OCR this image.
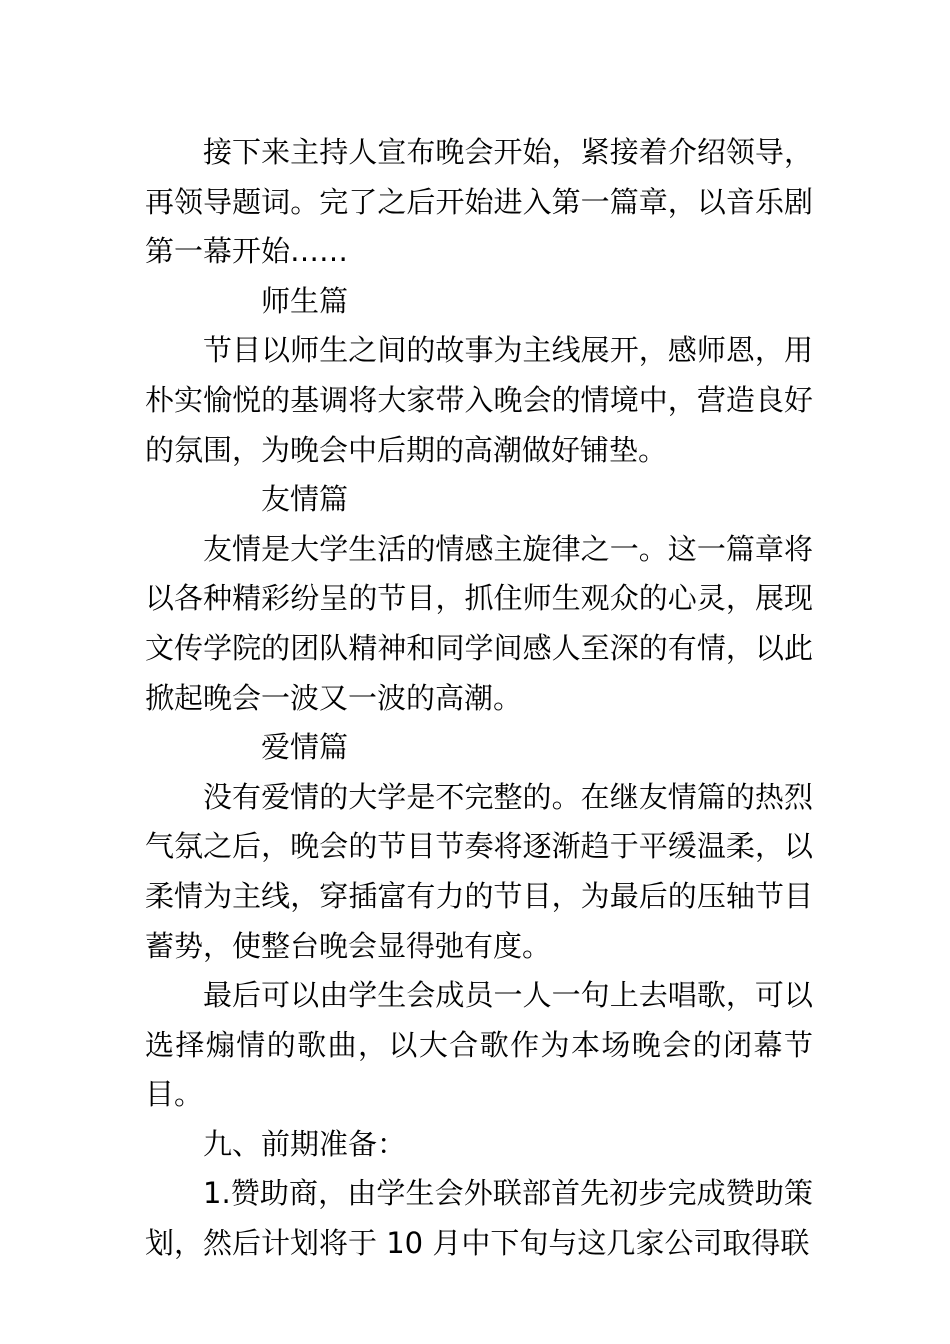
接下来主持人宣布晚会开始，紧接着介绍领导，再领导题词。完了之后开始进入第一篇章，以音乐剧第一幕开始……

师生篇

节目以师生之间的故事为主线展开，感师恩，用朴实愉悦的基调将大家带入晚会的情境中，营造良好的氛围，为晚会中后期的高潮做好铺垫。

友情篇

友情是大学生活的情感主旋律之一。这一篇章将以各种精彩纷呈的节目，抓住师生观众的心灵，展现文传学院的团队精神和同学间感人至深的有情，以此掀起晚会一波又一波的高潮。

爱情篇

没有爱情的大学是不完整的。在继友情篇的热烈气氛之后，晚会的节目节奏将逐渐趋于平缓温柔，以柔情为主线，穿插富有力的节目，为最后的压轴节目蓄势，使整台晚会显得弛有度。

最后可以由学生会成员一人一句上去唱歌，可以选择煽情的歌曲，以大合歌作为本场晚会的闭幕节目。

九、前期准备：

1.赞助商，由学生会外联部首先初步完成赞助策划，然后计划将于 10 月中下旬与这几家公司取得联
